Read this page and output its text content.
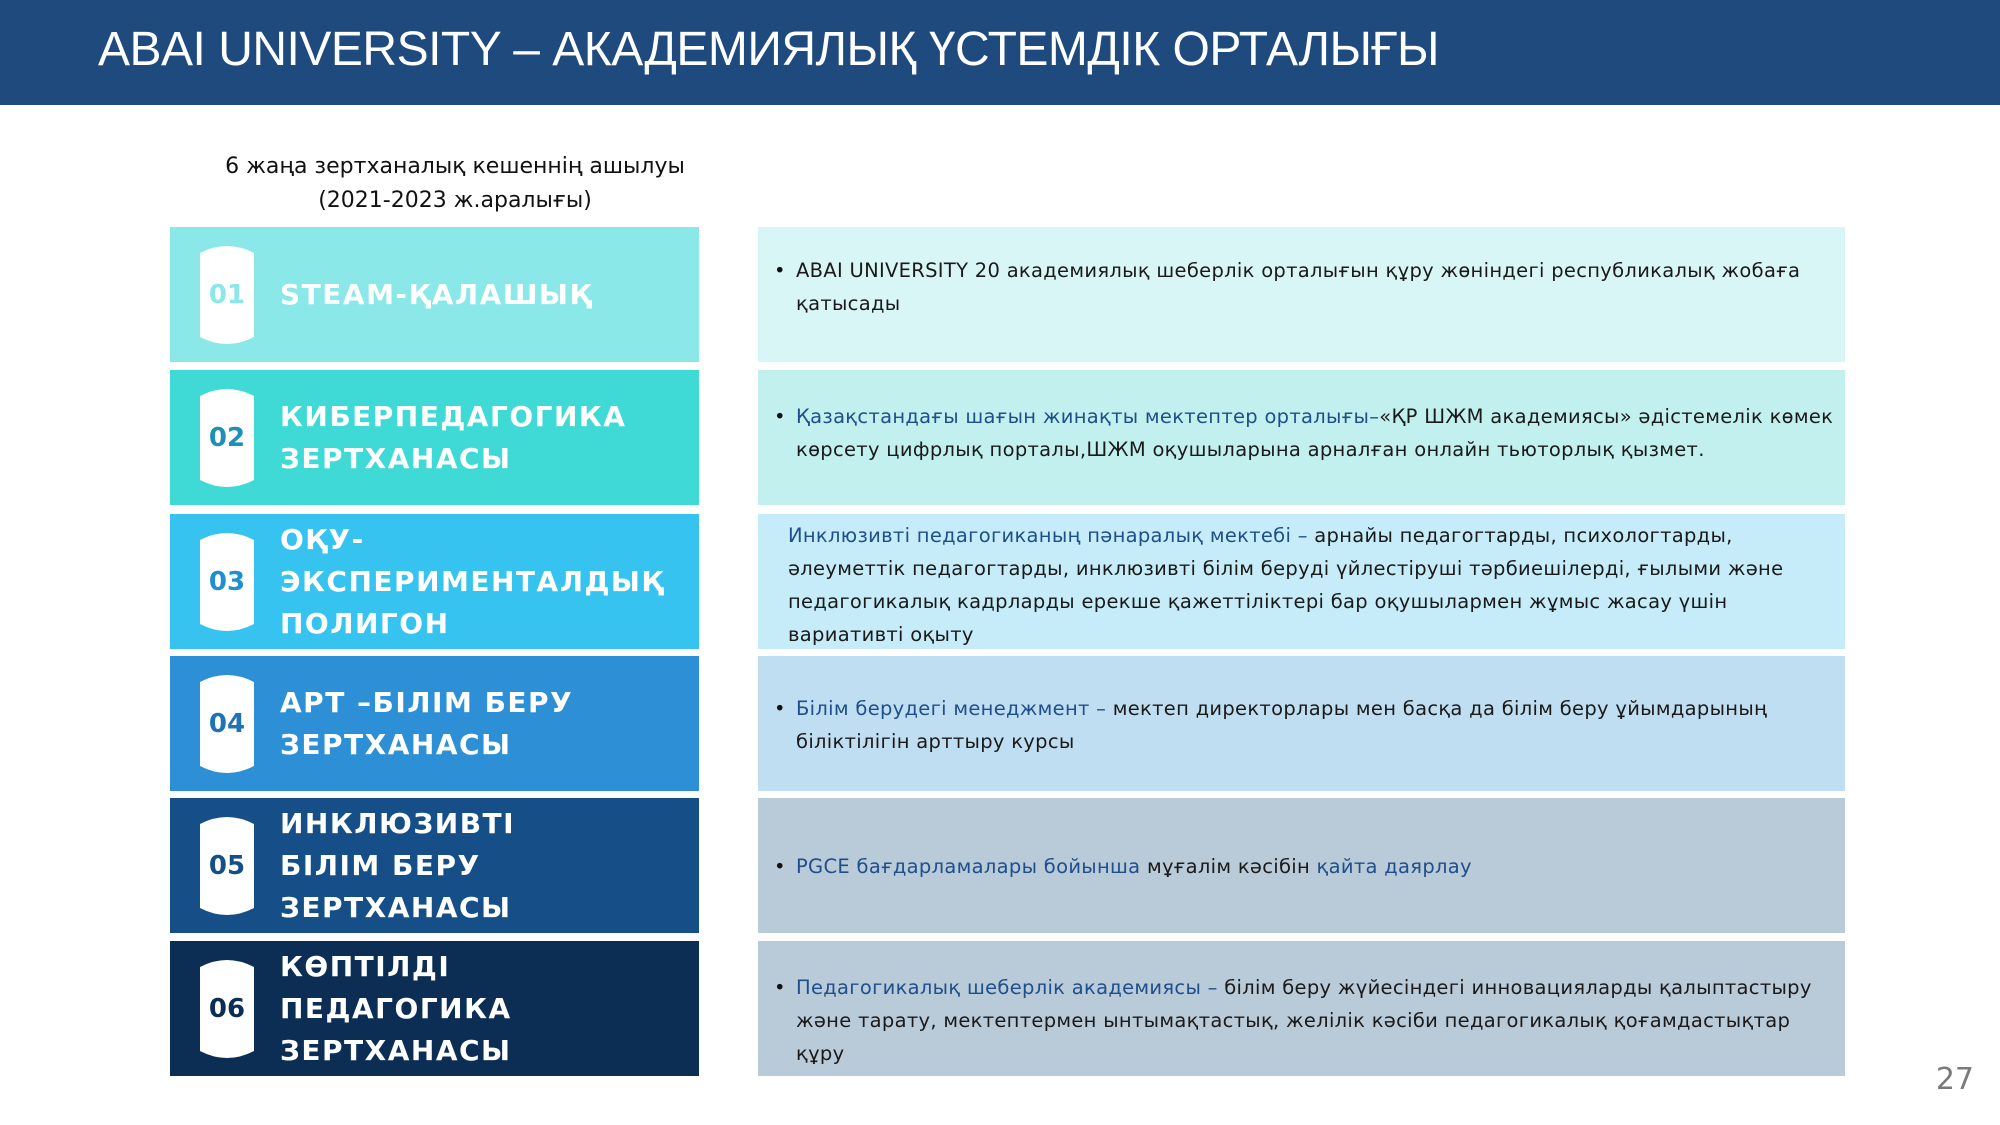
ABAI UNIVERSITY – АКАДЕМИЯЛЫҚ ҮСТЕМДІК ОРТАЛЫҒЫ
6 жаңа зертханалық кешеннің ашылуы
(2021-2023 ж.аралығы)
01	STEAM-ҚАЛАШЫҚ
02
КИБЕРПЕДАГОГИКА
ЗЕРТХАНАСЫ
03
ОҚУ-
ЭКСПЕРИМЕНТАЛДЫҚ
ПОЛИГОН
04
АРТ –БІЛІМ БЕРУ
ЗЕРТХАНАСЫ
05
ИНКЛЮЗИВТІ
БІЛІМ БЕРУ
ЗЕРТХАНАСЫ
06
КӨПТІЛДІ
ПЕДАГОГИКА
ЗЕРТХАНАСЫ
• ABAI UNIVERSITY 20 академиялық шеберлік орталығын құру жөніндегі республикалық жобаға қатысады
• Қазақстандағы шағын жинақты мектептер орталығы–«ҚР ШЖМ академиясы» әдістемелік көмек көрсету цифрлық порталы,ШЖМ оқушыларына арналған онлайн тьюторлық қызмет.
Инклюзивті педагогиканың пәнаралық мектебі – арнайы педагогтарды, психологтарды, әлеуметтік педагогтарды, инклюзивті білім беруді үйлестіруші тәрбиешілерді, ғылыми және педагогикалық кадрларды ерекше қажеттіліктері бар оқушылармен жұмыс жасау үшін вариативті оқыту
• Білім берудегі менеджмент – мектеп директорлары мен басқа да білім беру ұйымдарының біліктілігін арттыру курсы
• PGCE бағдарламалары бойынша мұғалім кәсібін қайта даярлау
• Педагогикалық шеберлік академиясы – білім беру жүйесіндегі инновацияларды қалыптастыру және тарату, мектептермен ынтымақтастық, желілік кәсіби педагогикалық қоғамдастықтар құру
27
